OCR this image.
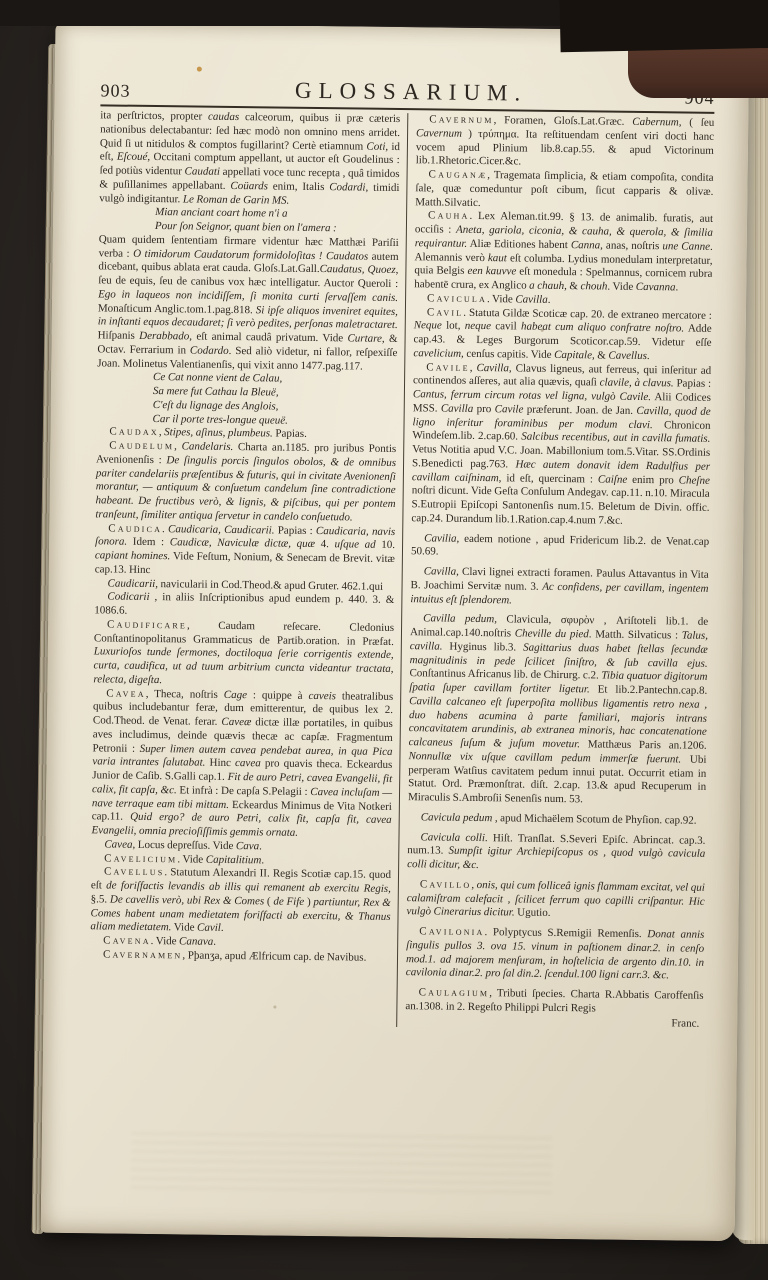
903	GLOSSARIUM.

ita perſtrictos, propter caudas calceorum, quibus ii præ cæteris nationibus delectabantur: ſed hæc modò non omnino mens arridet. Quid ſi ut nitidulos & comptos fugillarint? Certè etiamnum Coti, id eſt, Eſcoué, Occitani comptum appellant, ut auctor eſt Goudelinus : ſed potiùs videntur Caudati appellati voce tunc recepta , quâ timidos & puſillanimes appellabant. Coüards enim, Italis Codardi, timidi vulgò indigitantur. Le Roman de Garin MS.

Mian anciant coart home n'i a

Pour ſon Seignor, quant bien on l'amera :

Quam quidem ſententiam firmare videntur hæc Matthæi Pariſii verba : O timidorum Caudatorum formidoloſitas ! Caudatos autem dicebant, quibus ablata erat cauda. Gloſs.Lat.Gall.Caudatus, Quoez, ſeu de equis, ſeu de canibus vox hæc intelligatur. Auctor Queroli : Ego in laqueos non incidiſſem, ſi monita curti ſervaſſem canis. Monaſticum Anglic.tom.1.pag.818. Si ipſe aliquos inveniret equites, in inſtanti equos decaudaret; ſi verò pedites, perſonas maletractaret. Hiſpanis Derabbado, eſt animal caudâ privatum. Vide Curtare, & Octav. Ferrarium in Codardo. Sed aliò videtur, ni fallor, reſpexiſſe Joan. Molinetus Valentianenſis, qui vixit anno 1477.pag.117.

Ce Cat nonne vient de Calau,

Sa mere fut Cathau la Bleuë,

C'eſt du lignage des Anglois,

Car il porte tres-longue queuë.

Caudax, Stipes, aſinus, plumbeus. Papias.

Caudelum, Candelaris. Charta an.1185. pro juribus Pontis Avenionenſis : De ſingulis porcis ſingulos obolos, & de omnibus pariter candelariis præſentibus & futuris, qui in civitate Avenionenſi morantur, — antiquum & conſuetum candelum ſine contradictione habeant. De fructibus verò, & lignis, & piſcibus, qui per pontem tranſeunt, ſimiliter antiqua ſervetur in candelo conſuetudo.

Caudica. Caudicaria, Caudicarii. Papias : Caudicaria, navis ſonora. Idem : Caudicæ, Naviculæ dictæ, quæ 4. uſque ad 10. capiant homines. Vide Feſtum, Nonium, & Senecam de Brevit. vitæ cap.13. Hinc

Caudicarii, navicularii in Cod.Theod.& apud Gruter. 462.1.qui

Codicarii , in aliis Inſcriptionibus apud eundem p. 440. 3. & 1086.6.

Caudificare, Caudam reſecare. Cledonius Conſtantinopolitanus Grammaticus de Partib.oration. in Præfat. Luxurioſos tunde ſermones, doctiloqua ſerie corrigentis extende, curta, caudifica, ut ad tuum arbitrium cuncta videantur tractata, relecta, digeſta.

Cavea, Theca, noſtris Cage : quippe à caveis theatralibus quibus includebantur feræ, dum emitterentur, de quibus lex 2. Cod.Theod. de Venat. ferar. Caveæ dictæ illæ portatiles, in quibus aves includimus, deinde quævis thecæ ac capſæ. Fragmentum Petronii : Super limen autem cavea pendebat aurea, in qua Pica varia intrantes ſalutabat. Hinc cavea pro quavis theca. Eckeardus Junior de Caſib. S.Galli cap.1. Fit de auro Petri, cavea Evangelii, fit calix, fit capſa, &c. Et infrà : De capſa S.Pelagii : Cavea incluſam — nave terraque eam tibi mittam. Eckeardus Minimus de Vita Notkeri cap.11. Quid ergo? de auro Petri, calix fit, capſa fit, cavea Evangelii, omnia precioſiſſimis gemmis ornata.

Cavea, Locus depreſſus. Vide Cava.

Cavelicium. Vide Capitalitium.

Cavellus. Statutum Alexandri II. Regis Scotiæ cap.15. quod eſt de foriſfactis levandis ab illis qui remanent ab exercitu Regis, §.5. De cavellis verò, ubi Rex & Comes ( de Fife ) partiuntur, Rex & Comes habent unam medietatem foriſfacti ab exercitu, & Thanus aliam medietatem. Vide Cavil.

Cavena. Vide Canava.

Cavernamen, Pþanʒa, apud Ælfricum cap. de Navibus.

Cavernum, Foramen, Gloſs.Lat.Græc. Cabernum, ( ſeu Cavernum ) τρύπημα. Ita reſtituendam cenſent viri docti hanc vocem apud Plinium lib.8.cap.55. & apud Victorinum lib.1.Rhetoric.Cicer.&c.

Cauganæ, Tragemata ſimplicia, & etiam compoſita, condita ſale, quæ comeduntur poſt cibum, ſicut capparis & olivæ. Matth.Silvatic.

Cauha. Lex Aleman.tit.99. § 13. de animalib. furatis, aut occiſis : Aneta, gariola, ciconia, & cauha, & querola, & ſimilia requirantur. Aliæ Editiones habent Canna, anas, noſtris une Canne. Alemannis verò kaut eſt columba. Lydius monedulam interpretatur, quia Belgis een kauvve eſt monedula : Spelmannus, cornicem rubra habentē crura, ex Anglico a chauh, & chouh. Vide Cavanna.

Cavicula. Vide Cavilla.

Cavil. Statuta Gildæ Scoticæ cap. 20. de extraneo mercatore : Neque lot, neque cavil habeat cum aliquo confratre noſtro. Adde cap.43. & Leges Burgorum Scoticor.cap.59. Videtur eſſe cavelicium, cenſus capitis. Vide Capitale, & Cavellus.

Cavile, Cavilla, Clavus ligneus, aut ferreus, qui inſeritur ad continendos aſſeres, aut alia quævis, quaſi clavile, à clavus. Papias : Cantus, ferrum circum rotas vel ligna, vulgò Cavile. Alii Codices MSS. Cavilla pro Cavile præferunt. Joan. de Jan. Cavilla, quod de ligno inſeritur foraminibus per modum clavi. Chronicon Windeſem.lib. 2.cap.60. Salcibus recentibus, aut in cavilla fumatis. Vetus Notitia apud V.C. Joan. Mabillonium tom.5.Vitar. SS.Ordinis S.Benedicti pag.763. Hæc autem donavit idem Radulfius per cavillam caiſninam, id eſt, quercinam : Caiſne enim pro Cheſne noſtri dicunt. Vide Geſta Conſulum Andegav. cap.11. n.10. Miracula S.Eutropii Epiſcopi Santonenſis num.15. Beletum de Divin. offic. cap.24. Durandum lib.1.Ration.cap.4.num 7.&c.

Cavilia, eadem notione , apud Fridericum lib.2. de Venat.cap 50.69.

Cavilla, Clavi lignei extracti foramen. Paulus Attavantus in Vita B. Joachimi Servitæ num. 3. Ac confidens, per cavillam, ingentem intuitus eſt ſplendorem.

Cavilla pedum, Clavicula, σφυρὸν , Ariſtoteli lib.1. de Animal.cap.140.noſtris Cheville du pied. Matth. Silvaticus : Talus, cavilla. Hyginus lib.3. Sagittarius duas habet ſtellas ſecundæ magnitudinis in pede ſcilicet ſiniſtro, & ſub cavilla ejus. Conſtantinus Africanus lib. de Chirurg. c.2. Tibia quatuor digitorum ſpatia ſuper cavillam fortiter ligetur. Et lib.2.Pantechn.cap.8. Cavilla calcaneo eſt ſuperpoſita mollibus ligamentis retro nexa , duo habens acumina à parte familiari, majoris intrans concavitatem arundinis, ab extranea minoris, hac concatenatione calcaneus ſuſum & juſum movetur. Matthæus Paris an.1206. Nonnullæ vix uſque cavillam pedum immerſæ fuerunt. Ubi perperam Watſius cavitatem pedum innui putat. Occurrit etiam in Statut. Ord. Præmonſtrat. diſt. 2.cap. 13.& apud Recuperum in Miraculis S.Ambroſii Senenſis num. 53.

Cavicula pedum , apud Michaëlem Scotum de Phyſion. cap.92.

Cavicula colli. Hiſt. Tranſlat. S.Severi Epiſc. Abrincat. cap.3. num.13. Sumpſit igitur Archiepiſcopus os , quod vulgò cavicula colli dicitur, &c.

Cavillo, onis, qui cum folliceâ ignis flammam excitat, vel qui calamiſtram calefacit , ſcilicet ferrum quo capilli criſpantur. Hic vulgò Cinerarius dicitur. Ugutio.

Cavilonia. Polyptycus S.Remigii Remenſis. Donat annis ſingulis pullos 3. ova 15. vinum in paſtionem dinar.2. in cenſo mod.1. ad majorem menſuram, in hoſtelicia de argento din.10. in cavilonia dinar.2. pro ſal din.2. ſcendul.100 ligni carr.3. &c.

Caulagium, Tributi ſpecies. Charta R.Abbatis Caroffenſis an.1308. in 2. Regeſto Philippi Pulcri Regis

Franc.
